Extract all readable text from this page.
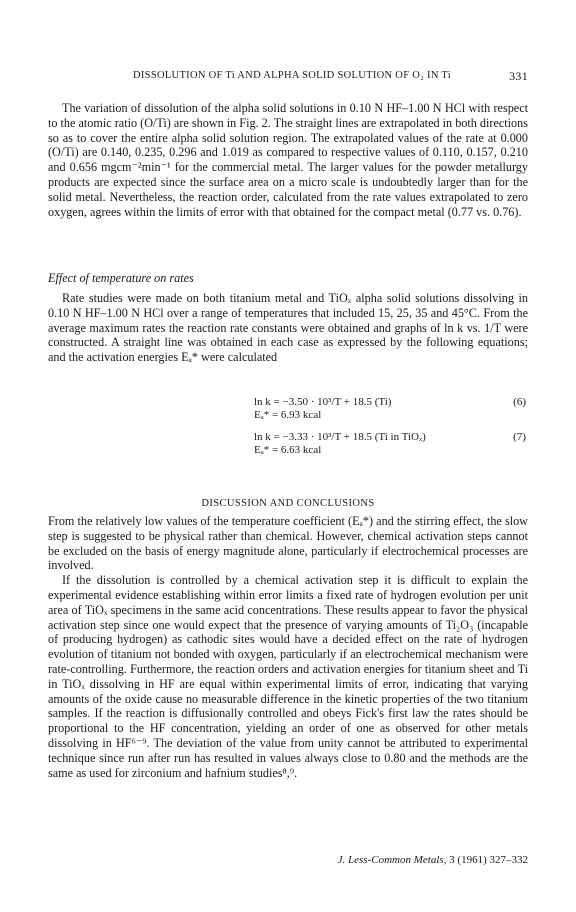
DISSOLUTION OF Ti AND ALPHA SOLID SOLUTION OF O₂ IN Ti	331

The variation of dissolution of the alpha solid solutions in 0.10 N HF–1.00 N HCl with respect to the atomic ratio (O/Ti) are shown in Fig. 2. The straight lines are extrapolated in both directions so as to cover the entire alpha solid solution region. The extrapolated values of the rate at 0.000 (O/Ti) are 0.140, 0.235, 0.296 and 1.019 as compared to respective values of 0.110, 0.157, 0.210 and 0.656 mgcm⁻²min⁻¹ for the commercial metal. The larger values for the powder metallurgy products are expected since the surface area on a micro scale is undoubtedly larger than for the solid metal. Nevertheless, the reaction order, calculated from the rate values extrapolated to zero oxygen, agrees within the limits of error with that obtained for the compact metal (0.77 vs. 0.76).

Effect of temperature on rates

Rate studies were made on both titanium metal and TiOₓ alpha solid solutions dissolving in 0.10 N HF–1.00 N HCl over a range of temperatures that included 15, 25, 35 and 45°C. From the average maximum rates the reaction rate constants were obtained and graphs of ln k vs. 1/T were constructed. A straight line was obtained in each case as expressed by the following equations; and the activation energies Eₐ* were calculated

ln k = −3.50 · 10³/T + 18.5 (Ti)
Eₐ* = 6.93 kcal
(6)
ln k = −3.33 · 10³/T + 18.5 (Ti in TiOₓ)
Eₐ* = 6.63 kcal
(7)
DISCUSSION AND CONCLUSIONS

From the relatively low values of the temperature coefficient (Eₐ*) and the stirring effect, the slow step is suggested to be physical rather than chemical. However, chemical activation steps cannot be excluded on the basis of energy magnitude alone, particularly if electrochemical processes are involved.

If the dissolution is controlled by a chemical activation step it is difficult to explain the experimental evidence establishing within error limits a fixed rate of hydrogen evolution per unit area of TiOₓ specimens in the same acid concentrations. These results appear to favor the physical activation step since one would expect that the presence of varying amounts of Ti₂O₃ (incapable of producing hydrogen) as cathodic sites would have a decided effect on the rate of hydrogen evolution of titanium not bonded with oxygen, particularly if an electrochemical mechanism were rate-controlling. Furthermore, the reaction orders and activation energies for titanium sheet and Ti in TiOₓ dissolving in HF are equal within experimental limits of error, indicating that varying amounts of the oxide cause no measurable difference in the kinetic properties of the two titanium samples. If the reaction is diffusionally controlled and obeys Fick's first law the rates should be proportional to the HF concentration, yielding an order of one as observed for other metals dissolving in HF⁶⁻⁹. The deviation of the value from unity cannot be attributed to experimental technique since run after run has resulted in values always close to 0.80 and the methods are the same as used for zirconium and hafnium studies⁸,⁹.

J. Less-Common Metals, 3 (1961) 327–332
